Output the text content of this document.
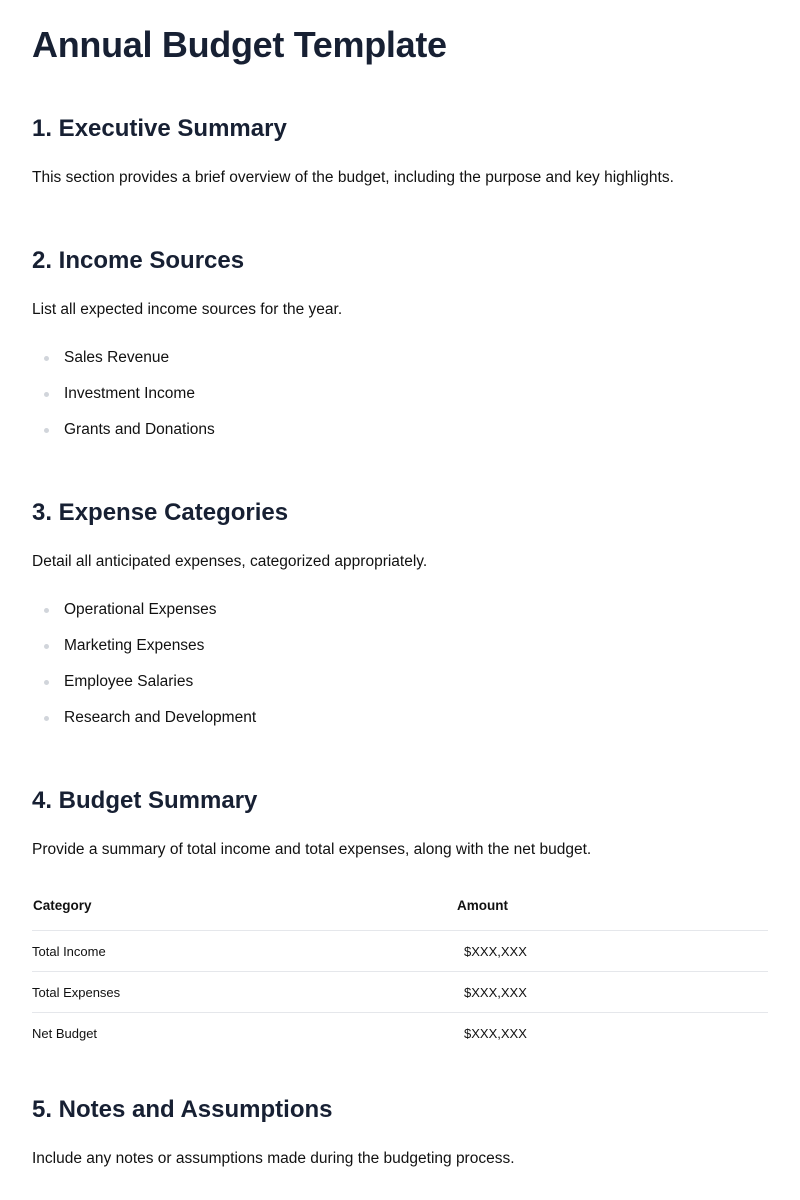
Annual Budget Template
1. Executive Summary

This section provides a brief overview of the budget, including the purpose and key highlights.

2. Income Sources

List all expected income sources for the year.

Sales Revenue
Investment Income
Grants and Donations
3. Expense Categories

Detail all anticipated expenses, categorized appropriately.

Operational Expenses
Marketing Expenses
Employee Salaries
Research and Development
4. Budget Summary

Provide a summary of total income and total expenses, along with the net budget.

Category	Amount
Total Income	$XXX,XXX
Total Expenses	$XXX,XXX
Net Budget	$XXX,XXX
5. Notes and Assumptions

Include any notes or assumptions made during the budgeting process.
